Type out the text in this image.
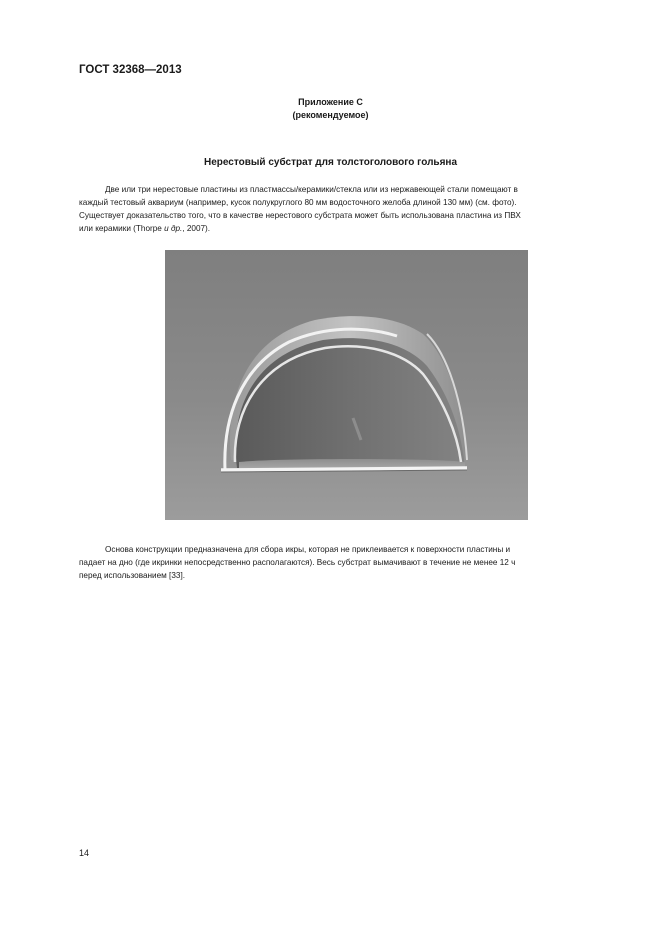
ГОСТ 32368—2013
Приложение С
(рекомендуемое)
Нерестовый субстрат для толстоголового гольяна
Две или три нерестовые пластины из пластмассы/керамики/стекла или из нержавеющей стали помещают в
каждый тестовый аквариум (например, кусок полукруглого 80 мм водосточного желоба длиной 130 мм) (см. фото).
Существует доказательство того, что в качестве нерестового субстрата может быть использована пластина из ПВХ
или керамики (Thorpe и др., 2007).
Основа конструкции предназначена для сбора икры, которая не приклеивается к поверхности пластины и
падает на дно (где икринки непосредственно располагаются). Весь субстрат вымачивают в течение не менее 12 ч
перед использованием [33].
14
